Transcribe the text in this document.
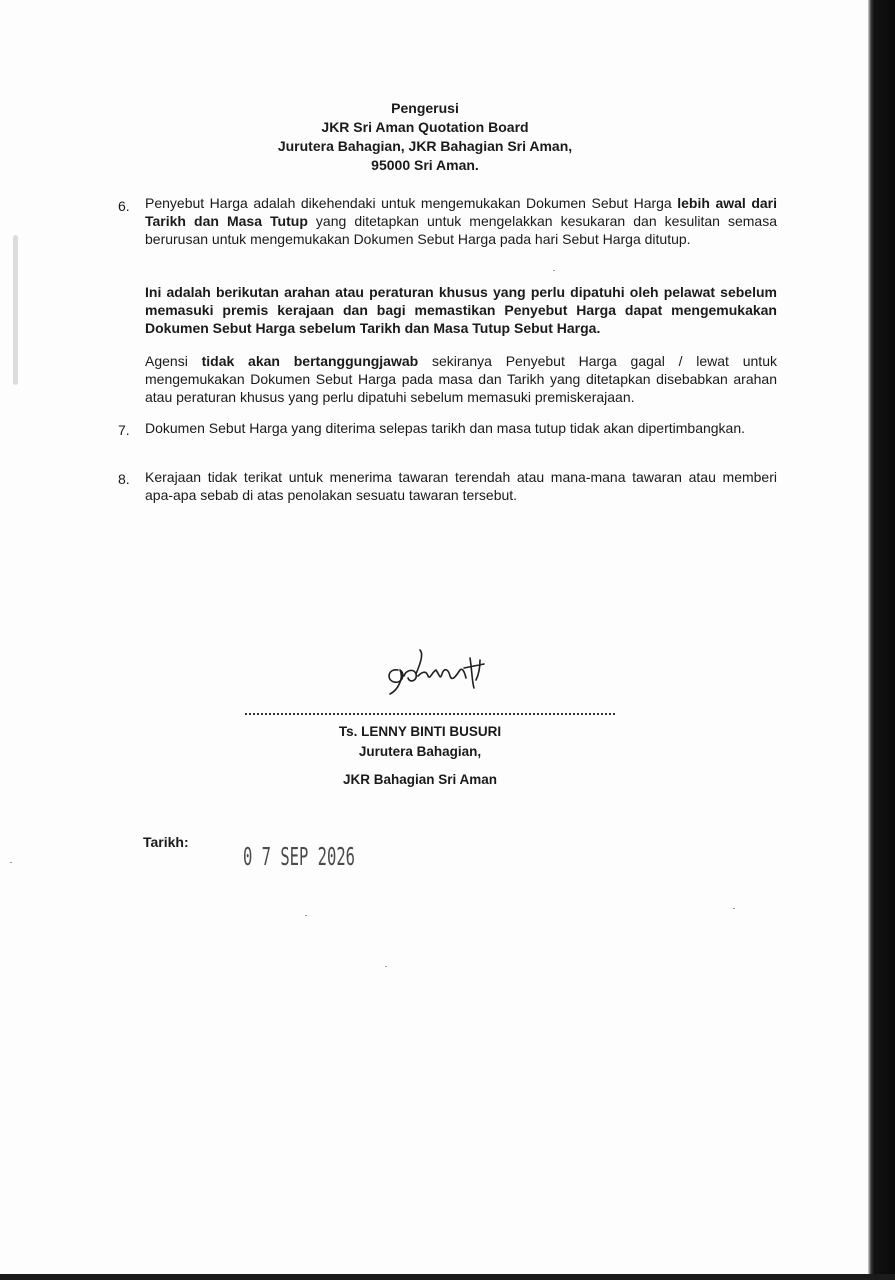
Pengerusi
JKR Sri Aman Quotation Board
Jurutera Bahagian, JKR Bahagian Sri Aman,
95000 Sri Aman.
6. Penyebut Harga adalah dikehendaki untuk mengemukakan Dokumen Sebut Harga lebih awal dari Tarikh dan Masa Tutup yang ditetapkan untuk mengelakkan kesukaran dan kesulitan semasa berurusan untuk mengemukakan Dokumen Sebut Harga pada hari Sebut Harga ditutup.
Ini adalah berikutan arahan atau peraturan khusus yang perlu dipatuhi oleh pelawat sebelum memasuki premis kerajaan dan bagi memastikan Penyebut Harga dapat mengemukakan Dokumen Sebut Harga sebelum Tarikh dan Masa Tutup Sebut Harga.
Agensi tidak akan bertanggungjawab sekiranya Penyebut Harga gagal / lewat untuk mengemukakan Dokumen Sebut Harga pada masa dan Tarikh yang ditetapkan disebabkan arahan atau peraturan khusus yang perlu dipatuhi sebelum memasuki premiskerajaan.
7. Dokumen Sebut Harga yang diterima selepas tarikh dan masa tutup tidak akan dipertimbangkan.
8. Kerajaan tidak terikat untuk menerima tawaran terendah atau mana-mana tawaran atau memberi apa-apa sebab di atas penolakan sesuatu tawaran tersebut.
Ts. LENNY BINTI BUSURI
Jurutera Bahagian,
JKR Bahagian Sri Aman
Tarikh: 0 7 SEP 2026
